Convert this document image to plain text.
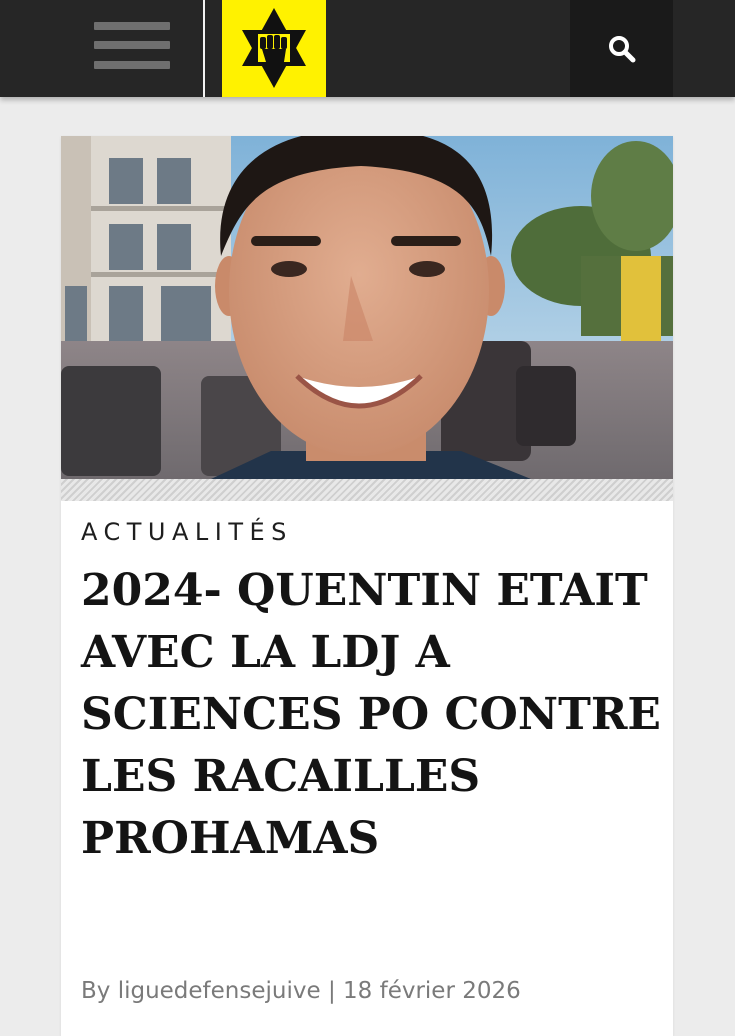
ACTUALITÉS
2024- QUENTIN ETAIT AVEC LA LDJ A SCIENCES PO CONTRE LES RACAILLES PROHAMAS
By liguedefensejuive | 18 février 2026
